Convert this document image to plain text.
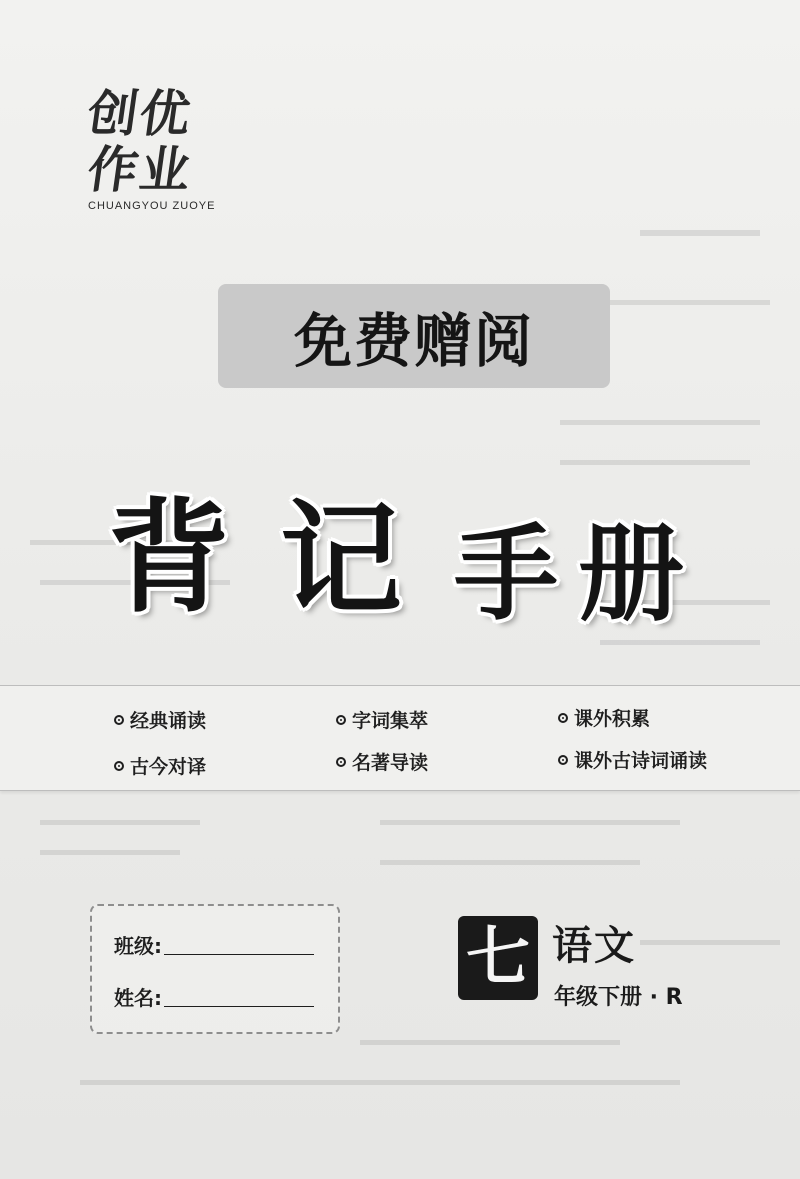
创优
作业
CHUANGYOU ZUOYE
免费赠阅
背 记 手 册
经典诵读	字词集萃	课外积累
古今对译	名著导读	课外古诗词诵读
班级:
姓名:
七 语文
年级下册 · R
